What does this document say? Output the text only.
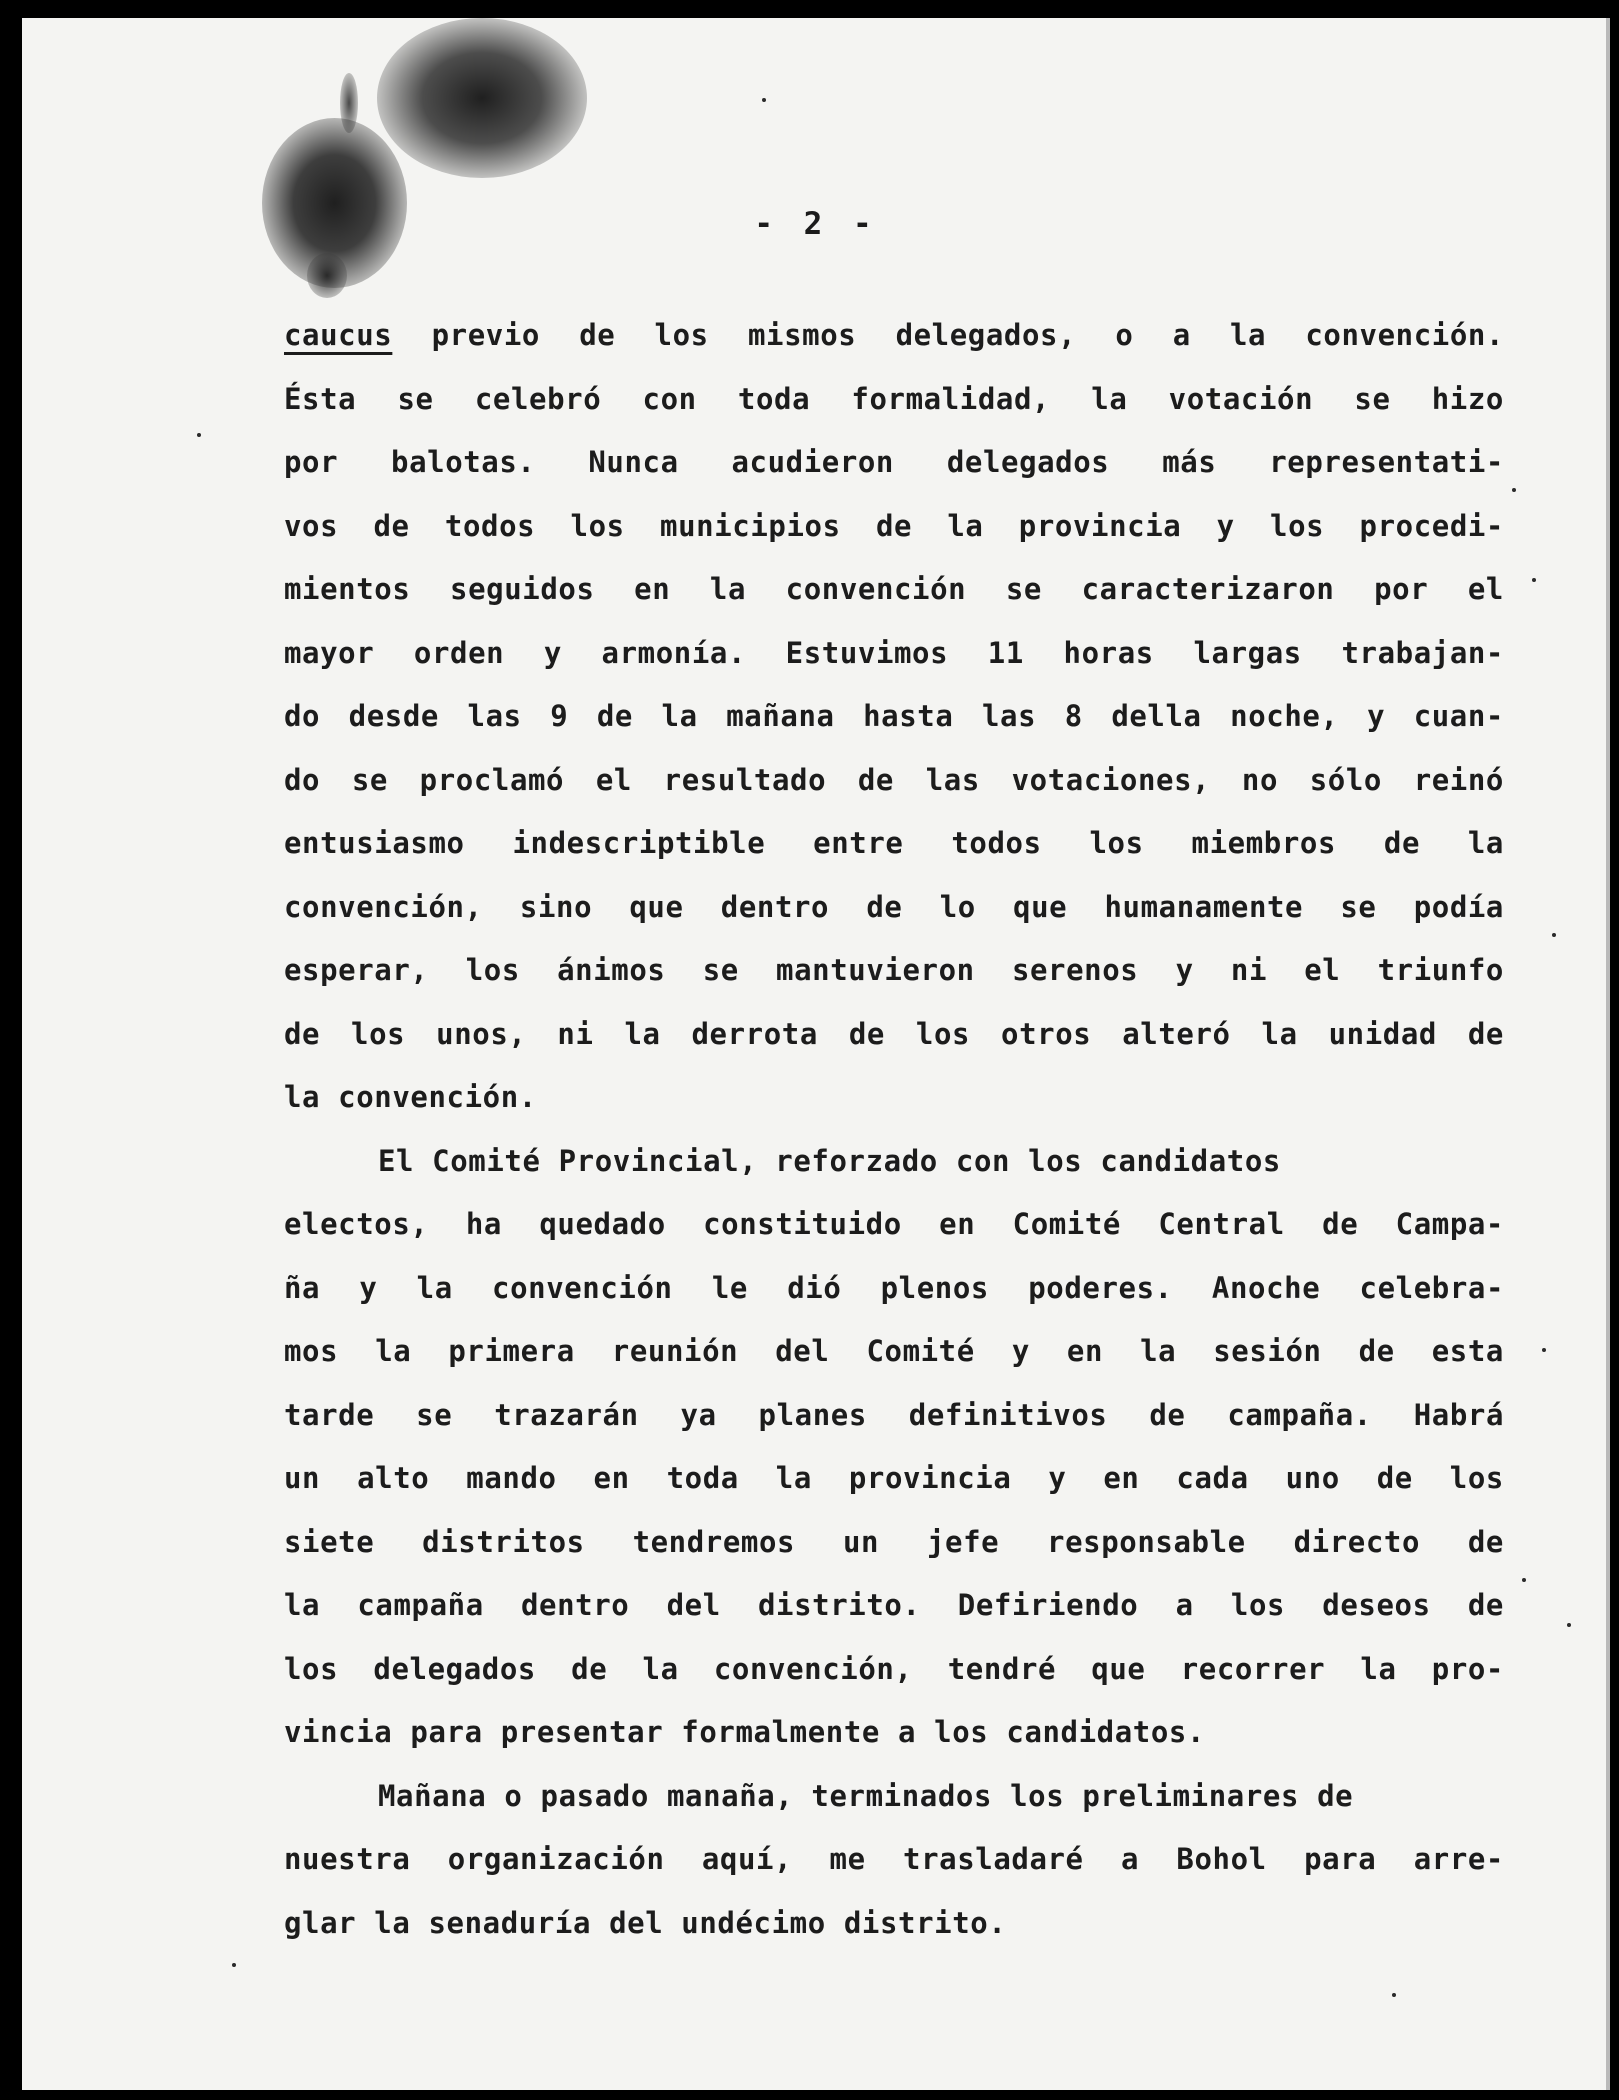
- 2 -
caucus previo de los mismos delegados, o a la convención.
Ésta se celebró con toda formalidad, la votación se hizo
por balotas. Nunca acudieron delegados más representati-
vos de todos los municipios de la provincia y los procedi-
mientos seguidos en la convención se caracterizaron por el
mayor orden y armonía. Estuvimos 11 horas largas trabajan-
do desde las 9 de la mañana hasta las 8 della noche, y cuan-
do se proclamó el resultado de las votaciones, no sólo reinó
entusiasmo indescriptible entre todos los miembros de la
convención, sino que dentro de lo que humanamente se podía
esperar, los ánimos se mantuvieron serenos y ni el triunfo
de los unos, ni la derrota de los otros alteró la unidad de
la convención.
El Comité Provincial, reforzado con los candidatos
electos, ha quedado constituido en Comité Central de Campa-
ña y la convención le dió plenos poderes. Anoche celebra-
mos la primera reunión del Comité y en la sesión de esta
tarde se trazarán ya planes definitivos de campaña. Habrá
un alto mando en toda la provincia y en cada uno de los
siete distritos tendremos un jefe responsable directo de
la campaña dentro del distrito. Defiriendo a los deseos de
los delegados de la convención, tendré que recorrer la pro-
vincia para presentar formalmente a los candidatos.
Mañana o pasado manaña, terminados los preliminares de
nuestra organización aquí, me trasladaré a Bohol para arre-
glar la senaduría del undécimo distrito.
